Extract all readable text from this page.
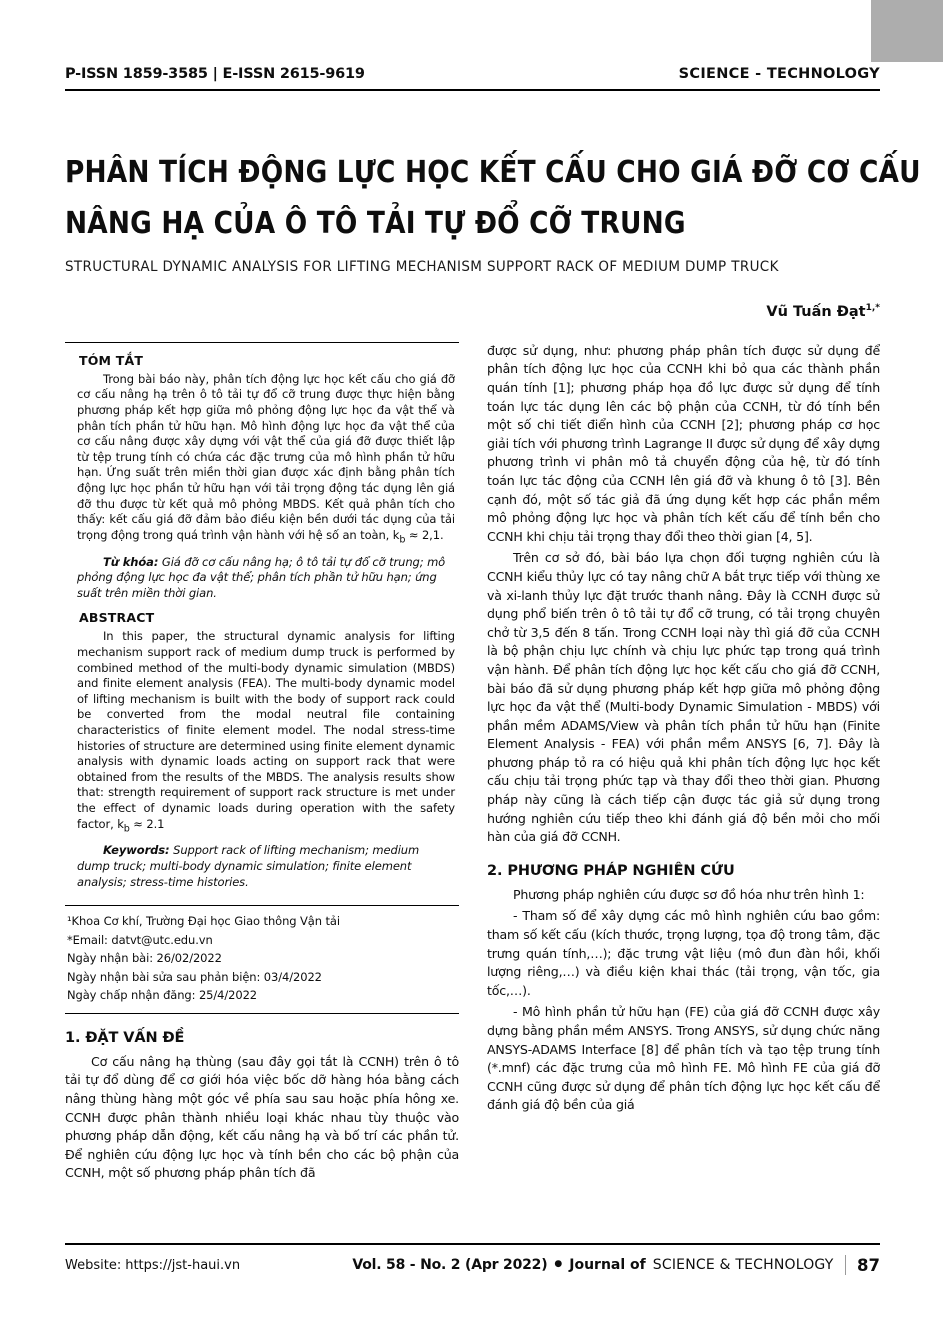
P-ISSN 1859-3585 | E-ISSN 2615-9619	SCIENCE - TECHNOLOGY
PHÂN TÍCH ĐỘNG LỰC HỌC KẾT CẤU CHO GIÁ ĐỠ CƠ CẤU
NÂNG HẠ CỦA Ô TÔ TẢI TỰ ĐỔ CỠ TRUNG
STRUCTURAL DYNAMIC ANALYSIS FOR LIFTING MECHANISM SUPPORT RACK OF MEDIUM DUMP TRUCK
Vũ Tuấn Đạt$^{1,*}$
TÓM TẮT

Trong bài báo này, phân tích động lực học kết cấu cho giá đỡ cơ cấu nâng hạ trên ô tô tải tự đổ cỡ trung được thực hiện bằng phương pháp kết hợp giữa mô phỏng động lực học đa vật thể và phân tích phần tử hữu hạn. Mô hình động lực học đa vật thể của cơ cấu nâng được xây dựng với vật thể của giá đỡ được thiết lập từ tệp trung tính có chứa các đặc trưng của mô hình phần tử hữu hạn. Ứng suất trên miền thời gian được xác định bằng phân tích động lực học phần tử hữu hạn với tải trọng động tác dụng lên giá đỡ thu được từ kết quả mô phỏng MBDS. Kết quả phân tích cho thấy: kết cấu giá đỡ đảm bảo điều kiện bền dưới tác dụng của tải trọng động trong quá trình vận hành với hệ số an toàn, $k_b \approx 2,1$.

Từ khóa: Giá đỡ cơ cấu nâng hạ; ô tô tải tự đổ cỡ trung; mô phỏng động lực học đa vật thể; phân tích phần tử hữu hạn; ứng suất trên miền thời gian.

ABSTRACT

In this paper, the structural dynamic analysis for lifting mechanism support rack of medium dump truck is performed by combined method of the multi-body dynamic simulation (MBDS) and finite element analysis (FEA). The multi-body dynamic model of lifting mechanism is built with the body of support rack could be converted from the modal neutral file containing characteristics of finite element model. The nodal stress-time histories of structure are determined using finite element dynamic analysis with dynamic loads acting on support rack that were obtained from the results of the MBDS. The analysis results show that: strength requirement of support rack structure is met under the effect of dynamic loads during operation with the safety factor, $k_b \approx 2.1$

Keywords: Support rack of lifting mechanism; medium dump truck; multi-body dynamic simulation; finite element analysis; stress-time histories.

¹Khoa Cơ khí, Trường Đại học Giao thông Vận tải

*Email: datvt@utc.edu.vn

Ngày nhận bài: 26/02/2022

Ngày nhận bài sửa sau phản biện: 03/4/2022

Ngày chấp nhận đăng: 25/4/2022

1. ĐẶT VẤN ĐỀ

Cơ cấu nâng hạ thùng (sau đây gọi tắt là CCNH) trên ô tô tải tự đổ dùng để cơ giới hóa việc bốc dỡ hàng hóa bằng cách nâng thùng hàng một góc về phía sau sau hoặc phía hông xe. CCNH được phân thành nhiều loại khác nhau tùy thuộc vào phương pháp dẫn động, kết cấu nâng hạ và bố trí các phần tử. Để nghiên cứu động lực học và tính bền cho các bộ phận của CCNH, một số phương pháp phân tích đã

được sử dụng, như: phương pháp phân tích được sử dụng để phân tích động lực học của CCNH khi bỏ qua các thành phần quán tính [1]; phương pháp họa đồ lực được sử dụng để tính toán lực tác dụng lên các bộ phận của CCNH, từ đó tính bền một số chi tiết điển hình của CCNH [2]; phương pháp cơ học giải tích với phương trình Lagrange II được sử dụng để xây dựng phương trình vi phân mô tả chuyển động của hệ, từ đó tính toán lực tác động của CCNH lên giá đỡ và khung ô tô [3]. Bên cạnh đó, một số tác giả đã ứng dụng kết hợp các phần mềm mô phỏng động lực học và phân tích kết cấu để tính bền cho CCNH khi chịu tải trọng thay đổi theo thời gian [4, 5].

Trên cơ sở đó, bài báo lựa chọn đối tượng nghiên cứu là CCNH kiểu thủy lực có tay nâng chữ A bắt trực tiếp với thùng xe và xi-lanh thủy lực đặt trước thanh nâng. Đây là CCNH được sử dụng phổ biến trên ô tô tải tự đổ cỡ trung, có tải trọng chuyên chở từ 3,5 đến 8 tấn. Trong CCNH loại này thì giá đỡ của CCNH là bộ phận chịu lực chính và chịu lực phức tạp trong quá trình vận hành. Để phân tích động lực học kết cấu cho giá đỡ CCNH, bài báo đã sử dụng phương pháp kết hợp giữa mô phỏng động lực học đa vật thể (Multi-body Dynamic Simulation - MBDS) với phần mềm ADAMS/View và phân tích phần tử hữu hạn (Finite Element Analysis - FEA) với phần mềm ANSYS [6, 7]. Đây là phương pháp tỏ ra có hiệu quả khi phân tích động lực học kết cấu chịu tải trọng phức tạp và thay đổi theo thời gian. Phương pháp này cũng là cách tiếp cận được tác giả sử dụng trong hướng nghiên cứu tiếp theo khi đánh giá độ bền mỏi cho mối hàn của giá đỡ CCNH.

2. PHƯƠNG PHÁP NGHIÊN CỨU

Phương pháp nghiên cứu được sơ đồ hóa như trên hình 1:

- Tham số để xây dựng các mô hình nghiên cứu bao gồm: tham số kết cấu (kích thước, trọng lượng, tọa độ trong tâm, đặc trưng quán tính,…); đặc trưng vật liệu (mô đun đàn hồi, khối lượng riêng,…) và điều kiện khai thác (tải trọng, vận tốc, gia tốc,…).

- Mô hình phần tử hữu hạn (FE) của giá đỡ CCNH được xây dựng bằng phần mềm ANSYS. Trong ANSYS, sử dụng chức năng ANSYS-ADAMS Interface [8] để phân tích và tạo tệp trung tính (*.mnf) các đặc trưng của mô hình FE. Mô hình FE của giá đỡ CCNH cũng được sử dụng để phân tích động lực học kết cấu để đánh giá độ bền của giá

Website: https://jst-haui.vn	Vol. 58 - No. 2 (Apr 2022) ● Journal of SCIENCE & TECHNOLOGY 87
